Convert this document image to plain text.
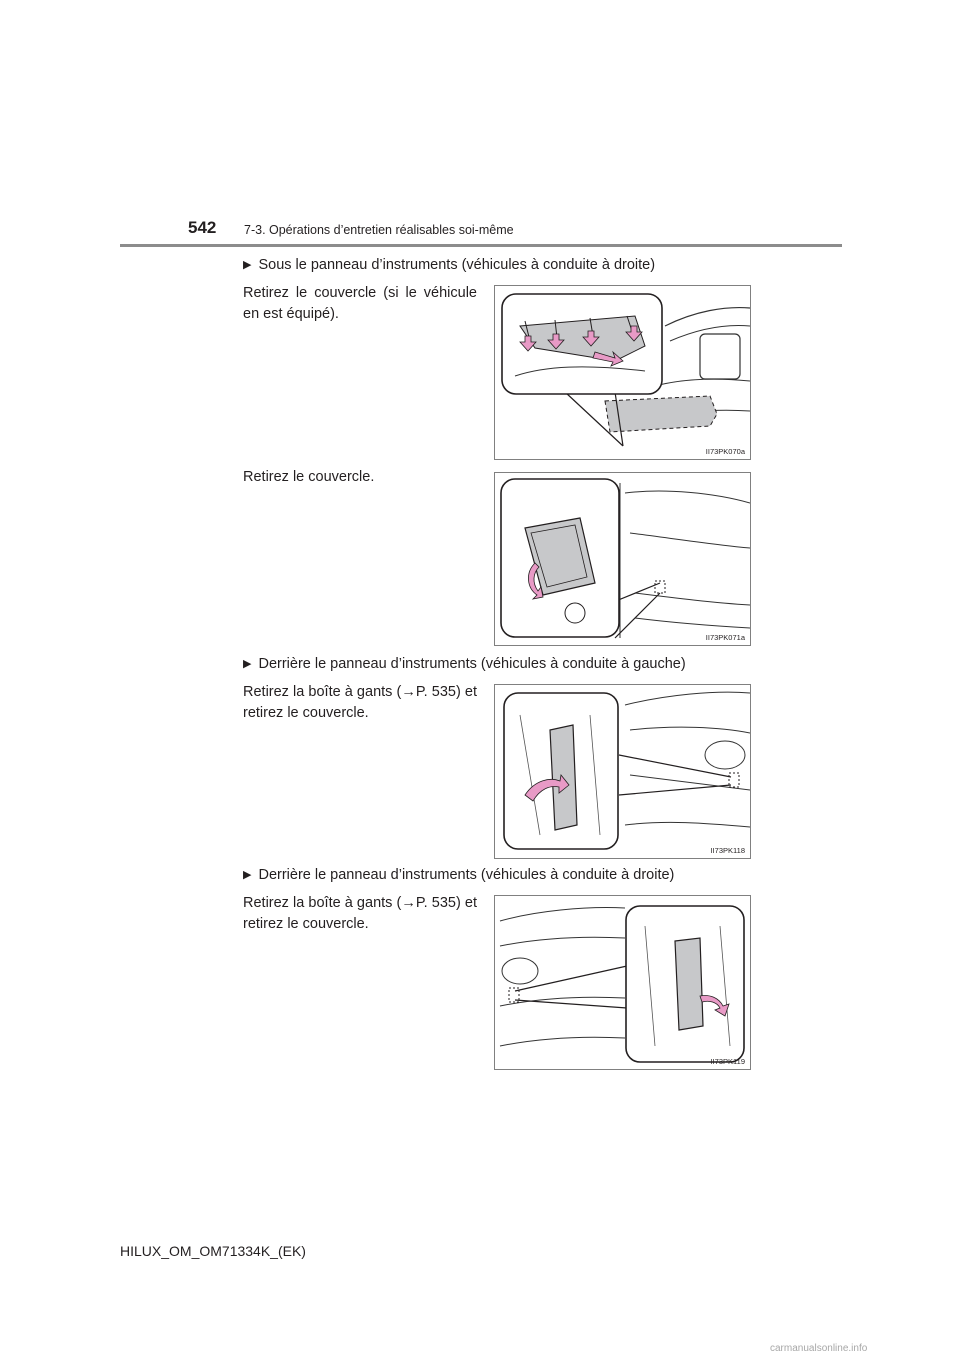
542 7-3. Opérations d’entretien réalisables soi-même
▶ Sous le panneau d’instruments (véhicules à conduite à droite)
Retirez le couvercle (si le véhicule en est équipé).
II73PK070a
Retirez le couvercle.
II73PK071a
▶ Derrière le panneau d’instruments (véhicules à conduite à gauche)
Retirez la boîte à gants (→P. 535) et retirez le couvercle.
II73PK118
▶ Derrière le panneau d’instruments (véhicules à conduite à droite)
Retirez la boîte à gants (→P. 535) et retirez le couvercle.
II73PK119
HILUX_OM_OM71334K_(EK)
carmanualsonline.info
